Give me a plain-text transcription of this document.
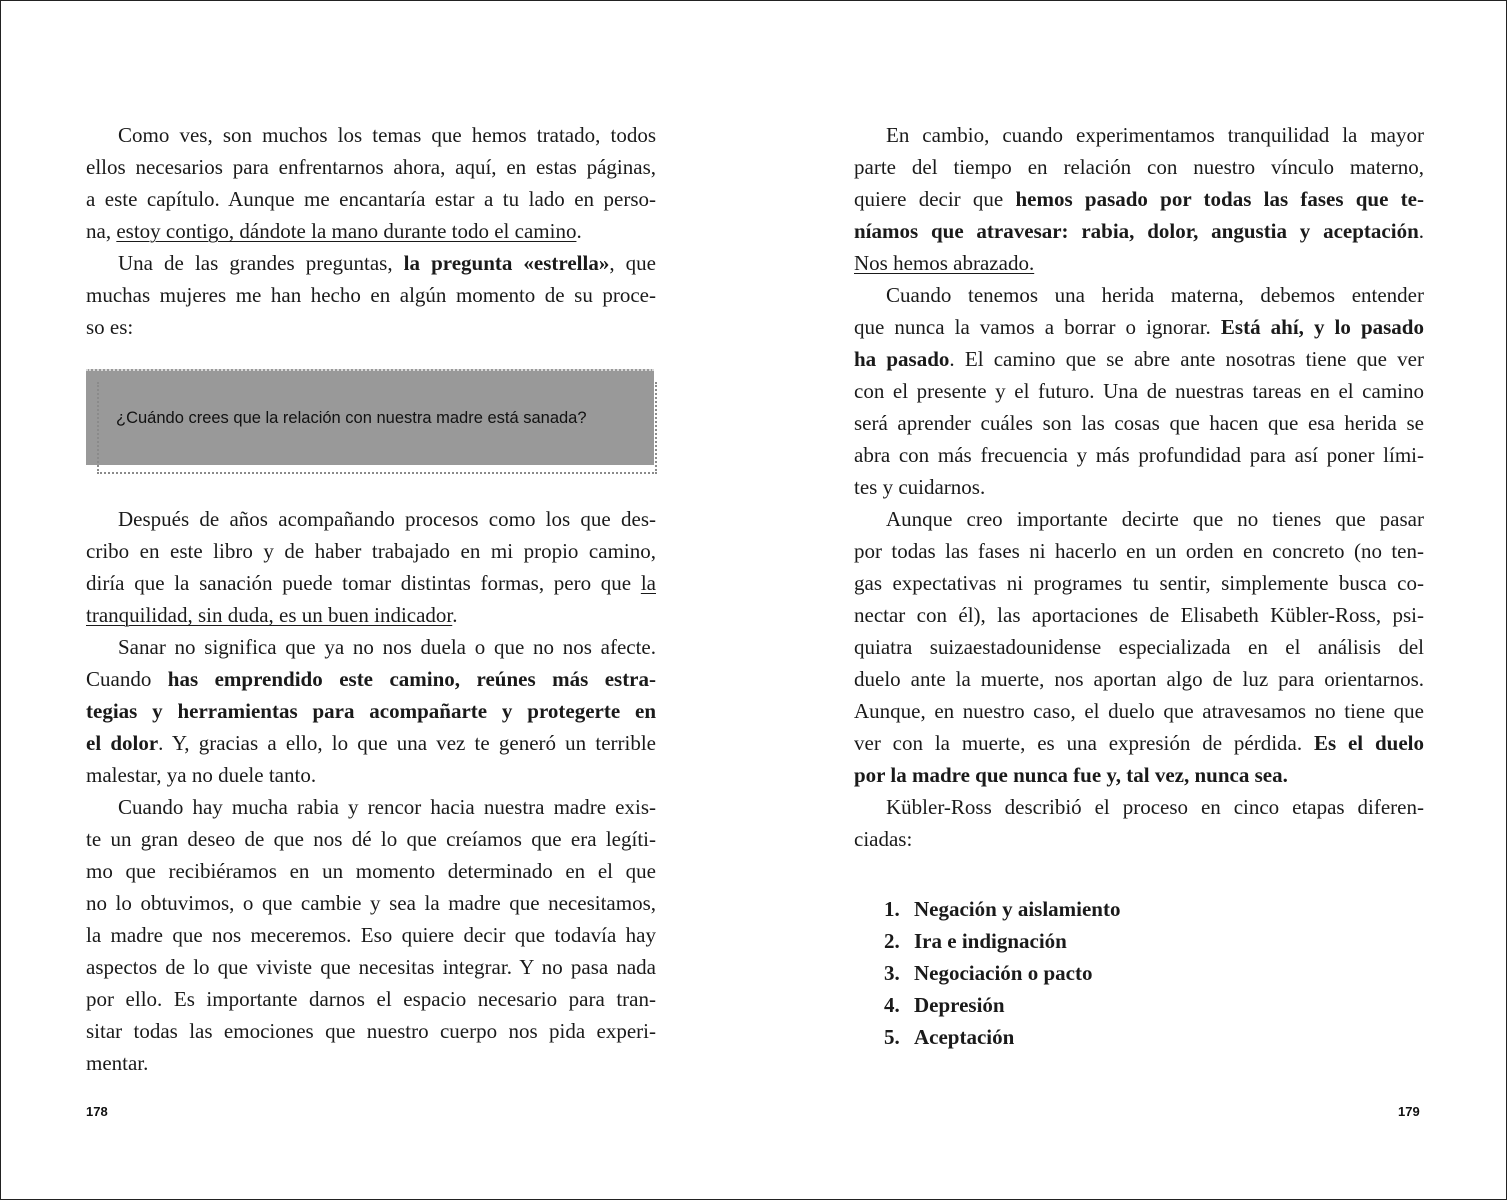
Como ves, son muchos los temas que hemos tratado, todos
ellos necesarios para enfrentarnos ahora, aquí, en estas páginas,
a este capítulo. Aunque me encantaría estar a tu lado en perso-
na, estoy contigo, dándote la mano durante todo el camino.
Una de las grandes preguntas, la pregunta «estrella», que
muchas mujeres me han hecho en algún momento de su proce-
so es:
¿Cuándo crees que la relación con nuestra madre está sanada?
Después de años acompañando procesos como los que des-
cribo en este libro y de haber trabajado en mi propio camino,
diría que la sanación puede tomar distintas formas, pero que la
tranquilidad, sin duda, es un buen indicador.
Sanar no significa que ya no nos duela o que no nos afecte.
Cuando has emprendido este camino, reúnes más estra-
tegias y herramientas para acompañarte y protegerte en
el dolor. Y, gracias a ello, lo que una vez te generó un terrible
malestar, ya no duele tanto.
Cuando hay mucha rabia y rencor hacia nuestra madre exis-
te un gran deseo de que nos dé lo que creíamos que era legíti-
mo que recibiéramos en un momento determinado en el que
no lo obtuvimos, o que cambie y sea la madre que necesitamos,
la madre que nos meceremos. Eso quiere decir que todavía hay
aspectos de lo que viviste que necesitas integrar. Y no pasa nada
por ello. Es importante darnos el espacio necesario para tran-
sitar todas las emociones que nuestro cuerpo nos pida experi-
mentar.
En cambio, cuando experimentamos tranquilidad la mayor
parte del tiempo en relación con nuestro vínculo materno,
quiere decir que hemos pasado por todas las fases que te-
níamos que atravesar: rabia, dolor, angustia y aceptación.
Nos hemos abrazado.
Cuando tenemos una herida materna, debemos entender
que nunca la vamos a borrar o ignorar. Está ahí, y lo pasado
ha pasado. El camino que se abre ante nosotras tiene que ver
con el presente y el futuro. Una de nuestras tareas en el camino
será aprender cuáles son las cosas que hacen que esa herida se
abra con más frecuencia y más profundidad para así poner lími-
tes y cuidarnos.
Aunque creo importante decirte que no tienes que pasar
por todas las fases ni hacerlo en un orden en concreto (no ten-
gas expectativas ni programes tu sentir, simplemente busca co-
nectar con él), las aportaciones de Elisabeth Kübler-Ross, psi-
quiatra suizaestadounidense especializada en el análisis del
duelo ante la muerte, nos aportan algo de luz para orientarnos.
Aunque, en nuestro caso, el duelo que atravesamos no tiene que
ver con la muerte, es una expresión de pérdida. Es el duelo
por la madre que nunca fue y, tal vez, nunca sea.
Kübler-Ross describió el proceso en cinco etapas diferen-
ciadas:
1. Negación y aislamiento
2. Ira e indignación
3. Negociación o pacto
4. Depresión
5. Aceptación
178	179
